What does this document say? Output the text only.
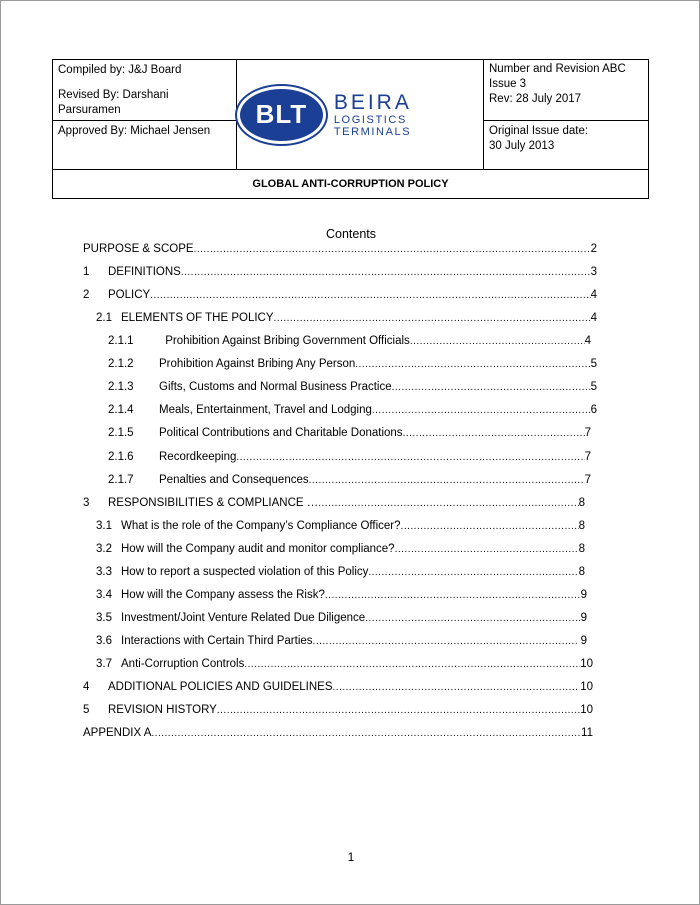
Compiled by: J&J Board
Revised By: Darshani Parsuramen
Approved By: Michael Jensen
BLT	BEIRA
LOGISTICS TERMINALS
Number and Revision ABC
Issue 3
Rev: 28 July 2017
Original Issue date:
30 July 2013
GLOBAL ANTI-CORRUPTION POLICY
Contents
PURPOSE & SCOPE .....	2
1 DEFINITIONS .....	3
2 POLICY .....	4
2.1 ELEMENTS OF THE POLICY .....	4
2.1.1 Prohibition Against Bribing Government Officials .....	4
2.1.2 Prohibition Against Bribing Any Person .....	5
2.1.3 Gifts, Customs and Normal Business Practice .....	5
2.1.4 Meals, Entertainment, Travel and Lodging .....	6
2.1.5 Political Contributions and Charitable Donations .....	7
2.1.6 Recordkeeping .....	7
2.1.7 Penalties and Consequences .....	7
3 RESPONSIBILITIES & COMPLIANCE … .....	8
3.1 What is the role of the Company’s Compliance Officer? .....	8
3.2 How will the Company audit and monitor compliance? .....	8
3.3 How to report a suspected violation of this Policy .....	8
3.4 How will the Company assess the Risk? .....	9
3.5 Investment/Joint Venture Related Due Diligence .....	9
3.6 Interactions with Certain Third Parties .....	9
3.7 Anti-Corruption Controls .....	10
4 ADDITIONAL POLICIES AND GUIDELINES .....	10
5 REVISION HISTORY .....	10
APPENDIX A .....	11
1
